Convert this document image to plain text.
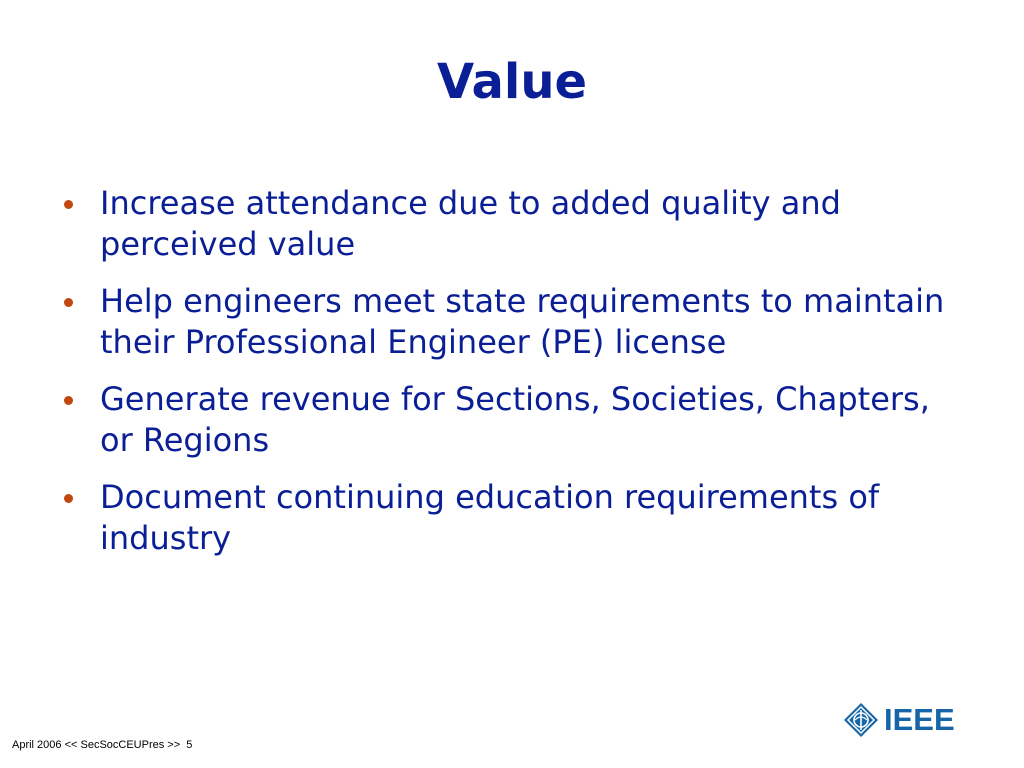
Value
Increase attendance due to added quality and perceived value
Help engineers meet state requirements to maintain their Professional Engineer (PE) license
Generate revenue for Sections, Societies, Chapters, or Regions
Document continuing education requirements of industry
April 2006 << SecSocCEUPres >>  5
IEEE
